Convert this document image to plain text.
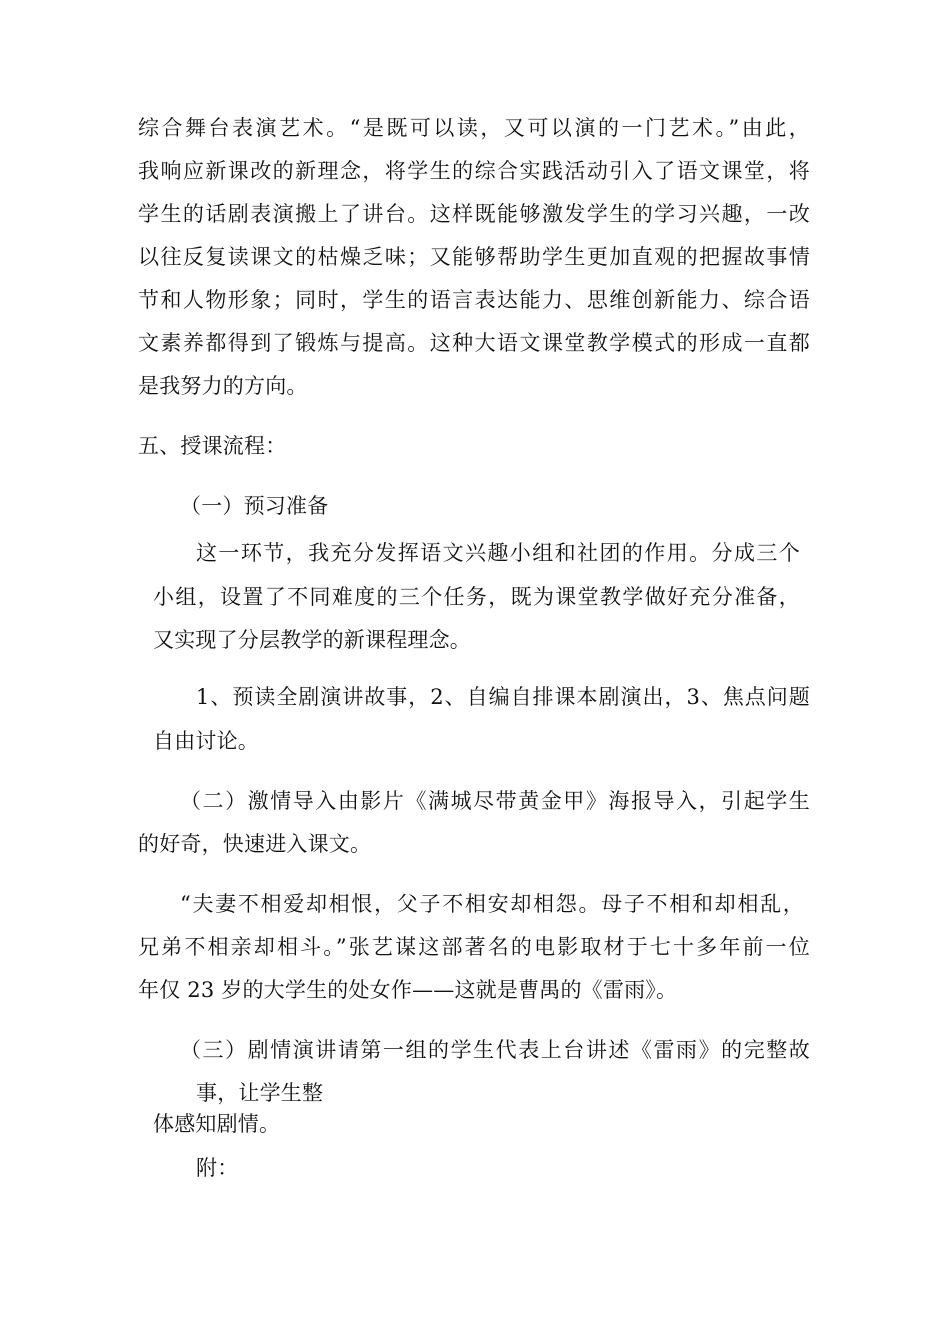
综合舞台表演艺术。“是既可以读，又可以演的一门艺术。”由此，
我响应新课改的新理念，将学生的综合实践活动引入了语文课堂，将
学生的话剧表演搬上了讲台。这样既能够激发学生的学习兴趣，一改
以往反复读课文的枯燥乏味；又能够帮助学生更加直观的把握故事情
节和人物形象；同时，学生的语言表达能力、思维创新能力、综合语
文素养都得到了锻炼与提高。这种大语文课堂教学模式的形成一直都
是我努力的方向。
五、授课流程：
（一）预习准备
这一环节，我充分发挥语文兴趣小组和社团的作用。分成三个
小组，设置了不同难度的三个任务，既为课堂教学做好充分准备，
又实现了分层教学的新课程理念。
1、预读全剧演讲故事，2、自编自排课本剧演出，3、焦点问题
自由讨论。
（二）激情导入由影片《满城尽带黄金甲》海报导入，引起学生
的好奇，快速进入课文。
“夫妻不相爱却相恨，父子不相安却相怨。母子不相和却相乱，
兄弟不相亲却相斗。”张艺谋这部著名的电影取材于七十多年前一位
年仅 23 岁的大学生的处女作——这就是曹禺的《雷雨》。
（三）剧情演讲请第一组的学生代表上台讲述《雷雨》的完整故
事，让学生整
体感知剧情。
附：
